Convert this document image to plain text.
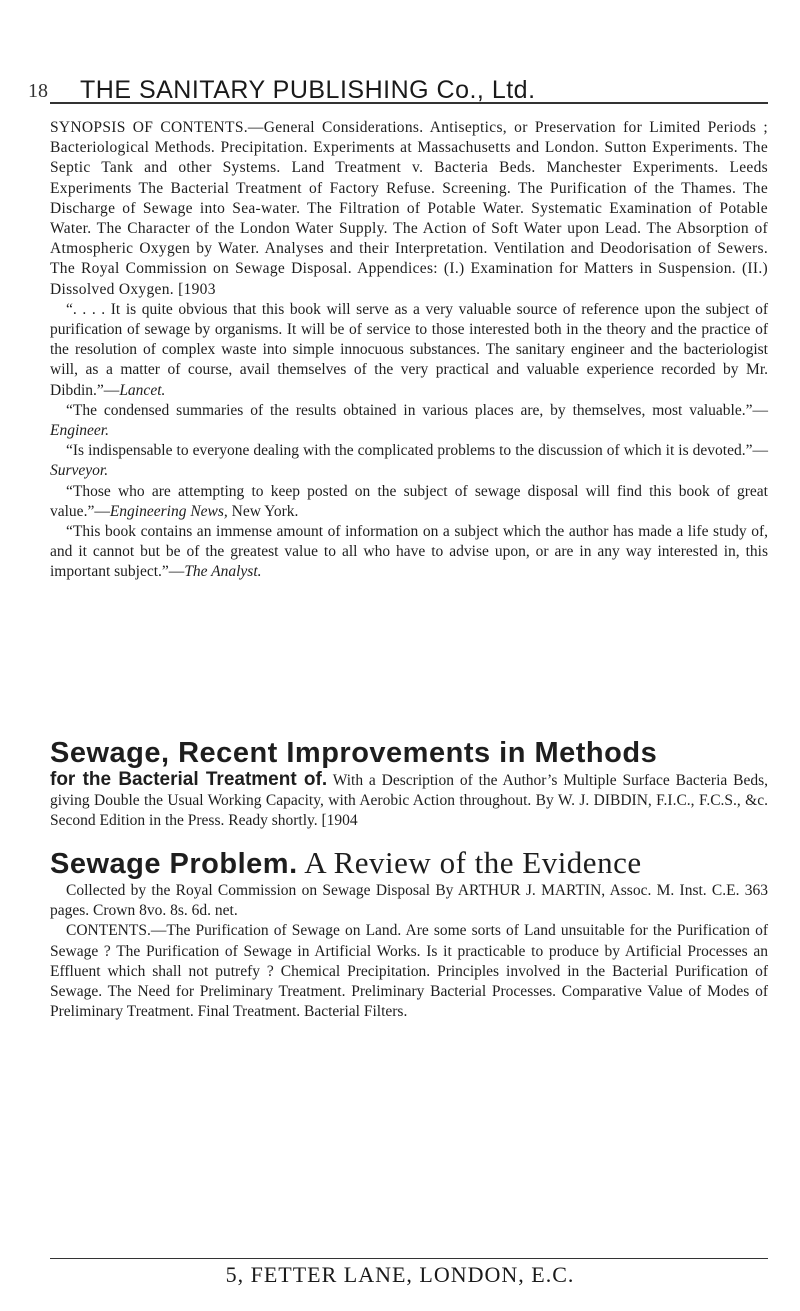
18 THE SANITARY PUBLISHING Co., Ltd.

SYNOPSIS OF CONTENTS.—General Considerations. Antiseptics, or Preservation for Limited Periods ; Bacteriological Methods. Precipitation. Experiments at Massachusetts and London. Sutton Experiments. The Septic Tank and other Systems. Land Treatment v. Bacteria Beds. Manchester Experiments. Leeds Experiments The Bacterial Treatment of Factory Refuse. Screening. The Purification of the Thames. The Discharge of Sewage into Sea-water. The Filtration of Potable Water. Systematic Examination of Potable Water. The Character of the London Water Supply. The Action of Soft Water upon Lead. The Absorption of Atmospheric Oxygen by Water. Analyses and their Interpretation. Ventilation and Deodorisation of Sewers. The Royal Commission on Sewage Disposal. Appendices: (I.) Examination for Matters in Suspension. (II.) Dissolved Oxygen. [1903

“. . . . It is quite obvious that this book will serve as a very valuable source of reference upon the subject of purification of sewage by organisms. It will be of service to those interested both in the theory and the practice of the resolution of complex waste into simple innocuous substances. The sanitary engineer and the bacteriologist will, as a matter of course, avail themselves of the very practical and valuable experience recorded by Mr. Dibdin.”—Lancet.

“The condensed summaries of the results obtained in various places are, by themselves, most valuable.”—Engineer.

“Is indispensable to everyone dealing with the complicated problems to the discussion of which it is devoted.”—Surveyor.

“Those who are attempting to keep posted on the subject of sewage disposal will find this book of great value.”—Engineering News, New York.

“This book contains an immense amount of information on a subject which the author has made a life study of, and it cannot but be of the greatest value to all who have to advise upon, or are in any way interested in, this important subject.”—The Analyst.

Sewage, Recent Improvements in Methods

for the Bacterial Treatment of. With a Description of the Author’s Multiple Surface Bacteria Beds, giving Double the Usual Working Capacity, with Aerobic Action throughout. By W. J. DIBDIN, F.I.C., F.C.S., &c. Second Edition in the Press. Ready shortly. [1904

Sewage Problem. A Review of the Evidence

Collected by the Royal Commission on Sewage Disposal By ARTHUR J. MARTIN, Assoc. M. Inst. C.E. 363 pages. Crown 8vo. 8s. 6d. net.

CONTENTS.—The Purification of Sewage on Land. Are some sorts of Land unsuitable for the Purification of Sewage ? The Purification of Sewage in Artificial Works. Is it practicable to produce by Artificial Processes an Effluent which shall not putrefy ? Chemical Precipitation. Principles involved in the Bacterial Purification of Sewage. The Need for Preliminary Treatment. Preliminary Bacterial Processes. Comparative Value of Modes of Preliminary Treatment. Final Treatment. Bacterial Filters.

5, FETTER LANE, LONDON, E.C.
